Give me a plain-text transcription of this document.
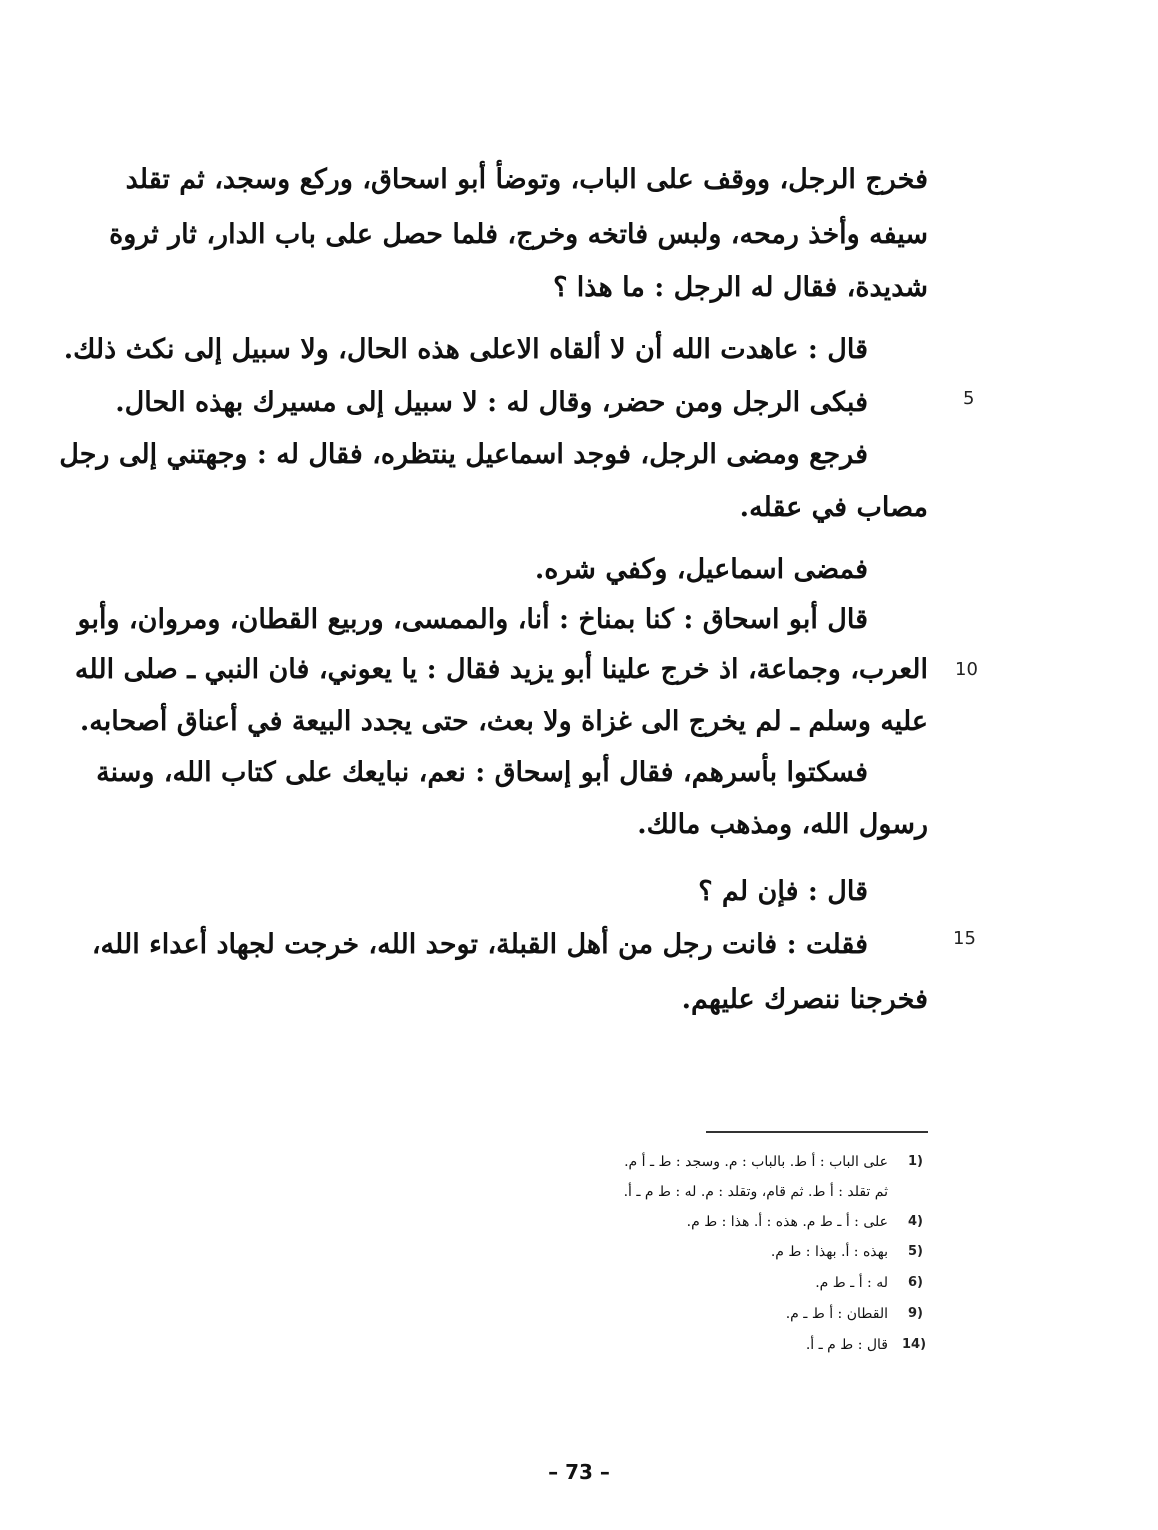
فخرج الرجل، ووقف على الباب، وتوضأ أبو اسحاق، وركع وسجد، ثم تقلد
سيفه وأخذ رمحه، ولبس فاتخه وخرج، فلما حصل على باب الدار، ثار ثروة
شديدة، فقال له الرجل : ما هذا ؟
قال : عاهدت الله أن لا ألقاه الاعلى هذه الحال، ولا سبيل إلى نكث ذلك.
فبكى الرجل ومن حضر، وقال له : لا سبيل إلى مسيرك بهذه الحال.
فرجع ومضى الرجل، فوجد اسماعيل ينتظره، فقال له : وجهتني إلى رجل
مصاب في عقله.
فمضى اسماعيل، وكفي شره.
قال أبو اسحاق : كنا بمناخ : أنا، والممسى، وربيع القطان، ومروان، وأبو
العرب، وجماعة، اذ خرج علينا أبو يزيد فقال : يا يعوني، فان النبي ـ صلى الله
عليه وسلم ـ لم يخرج الى غزاة ولا بعث، حتى يجدد البيعة في أعناق أصحابه.
فسكتوا بأسرهم، فقال أبو إسحاق : نعم، نبايعك على كتاب الله، وسنة
رسول الله، ومذهب مالك.
قال : فإن لم ؟
فقلت : فانت رجل من أهل القبلة، توحد الله، خرجت لجهاد أعداء الله،
فخرجنا ننصرك عليهم.
5
10
15
1)
على الباب : أ ط. بالباب : م. وسجد : ط ـ أ م.
ثم تقلد : أ ط. ثم قام، وتقلد : م. له : ط م ـ أ.
4)
على : أ ـ ط م. هذه : أ. هذا : ط م.
5)
بهذه : أ. بهذا : ط م.
6)
له : أ ـ ط م.
9)
القطان : أ ط ـ م.
14)
قال : ط م ـ أ.
– 73 –
